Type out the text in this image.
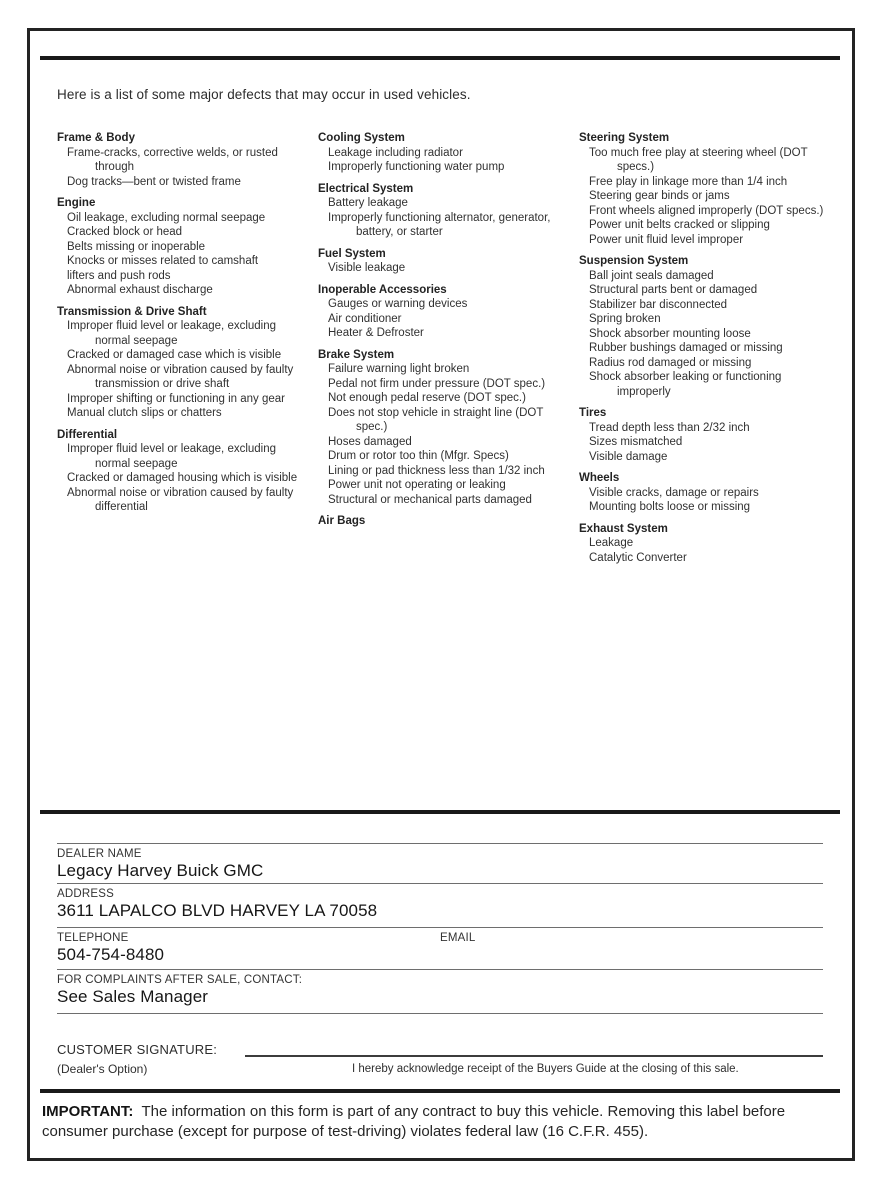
Here is a list of some major defects that may occur in used vehicles.
Frame & Body
Frame-cracks, corrective welds, or rusted through
Dog tracks—bent or twisted frame
Engine
Oil leakage, excluding normal seepage
Cracked block or head
Belts missing or inoperable
Knocks or misses related to camshaft
lifters and push rods
Abnormal exhaust discharge
Transmission & Drive Shaft
Improper fluid level or leakage, excluding normal seepage
Cracked or damaged case which is visible
Abnormal noise or vibration caused by faulty transmission or drive shaft
Improper shifting or functioning in any gear
Manual clutch slips or chatters
Differential
Improper fluid level or leakage, excluding normal seepage
Cracked or damaged housing which is visible
Abnormal noise or vibration caused by faulty differential
Cooling System
Leakage including radiator
Improperly functioning water pump
Electrical System
Battery leakage
Improperly functioning alternator, generator, battery, or starter
Fuel System
Visible leakage
Inoperable Accessories
Gauges or warning devices
Air conditioner
Heater & Defroster
Brake System
Failure warning light broken
Pedal not firm under pressure (DOT spec.)
Not enough pedal reserve (DOT spec.)
Does not stop vehicle in straight line (DOT spec.)
Hoses damaged
Drum or rotor too thin (Mfgr. Specs)
Lining or pad thickness less than 1/32 inch
Power unit not operating or leaking
Structural or mechanical parts damaged
Air Bags
Steering System
Too much free play at steering wheel (DOT specs.)
Free play in linkage more than 1/4 inch
Steering gear binds or jams
Front wheels aligned improperly (DOT specs.)
Power unit belts cracked or slipping
Power unit fluid level improper
Suspension System
Ball joint seals damaged
Structural parts bent or damaged
Stabilizer bar disconnected
Spring broken
Shock absorber mounting loose
Rubber bushings damaged or missing
Radius rod damaged or missing
Shock absorber leaking or functioning improperly
Tires
Tread depth less than 2/32 inch
Sizes mismatched
Visible damage
Wheels
Visible cracks, damage or repairs
Mounting bolts loose or missing
Exhaust System
Leakage
Catalytic Converter
DEALER NAME
Legacy Harvey Buick GMC
ADDRESS
3611 LAPALCO BLVD HARVEY LA 70058
TELEPHONE	EMAIL
504-754-8480
FOR COMPLAINTS AFTER SALE, CONTACT:
See Sales Manager
CUSTOMER SIGNATURE:
(Dealer's Option)	I hereby acknowledge receipt of the Buyers Guide at the closing of this sale.
IMPORTANT: The information on this form is part of any contract to buy this vehicle. Removing this label before consumer purchase (except for purpose of test-driving) violates federal law (16 C.F.R. 455).
